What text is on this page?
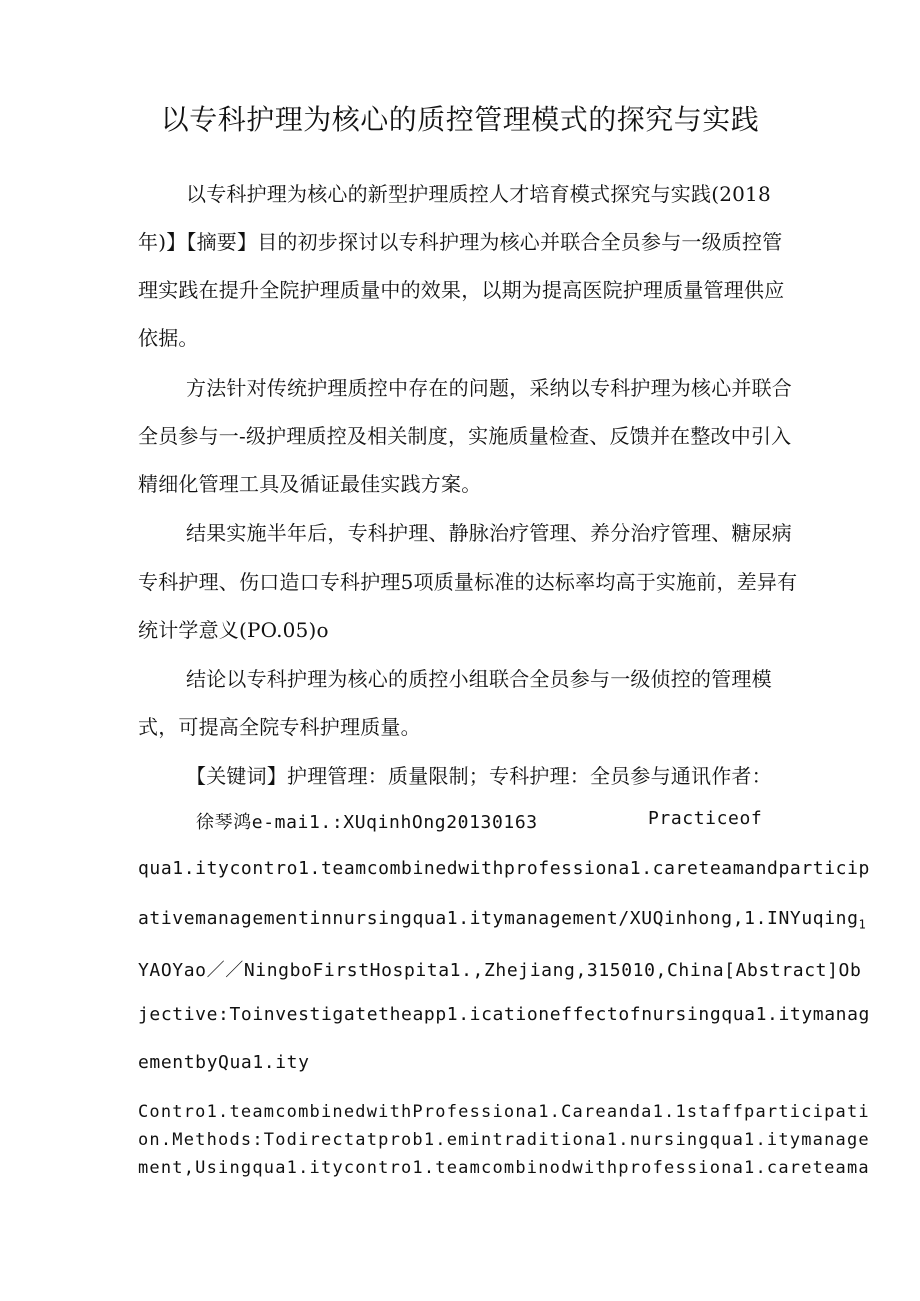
以专科护理为核心的质控管理模式的探究与实践
以专科护理为核心的新型护理质控人才培育模式探究与实践(2018
年)】【摘要】目的初步探讨以专科护理为核心并联合全员参与一级质控管
理实践在提升全院护理质量中的效果，以期为提高医院护理质量管理供应
依据。
方法针对传统护理质控中存在的问题，采纳以专科护理为核心并联合
全员参与一-级护理质控及相关制度，实施质量检查、反馈并在整改中引入
精细化管理工具及循证最佳实践方案。
结果实施半年后，专科护理、静脉治疗管理、养分治疗管理、糖尿病
专科护理、伤口造口专科护理5项质量标准的达标率均高于实施前，差异有
统计学意义(PO.05)o
结论以专科护理为核心的质控小组联合全员参与一级侦控的管理模
式，可提高全院专科护理质量。
【关键词】护理管理：质量限制；专科护理：全员参与通讯作者：
徐琴鸿e-mai1.:XUqinhOng20130163	Practiceof
qua1.itycontro1.teamcombinedwithprofessiona1.careteamandparticip
ativemanagementinnursingqua1.itymanagement/XUQinhong,1.INYuqing$_1$
YAOYao／／NingboFirstHospita1.,Zhejiang,315010,China[Abstract]Ob
jective:Toinvestigatetheapp1.icationeffectofnursingqua1.itymanag
ementbyQua1.ity
Contro1.teamcombinedwithProfessiona1.Careanda1.1staffparticipati
on.Methods:Todirectatprob1.emintraditiona1.nursingqua1.itymanage
ment,Usingqua1.itycontro1.teamcombinodwithprofessiona1.careteama
